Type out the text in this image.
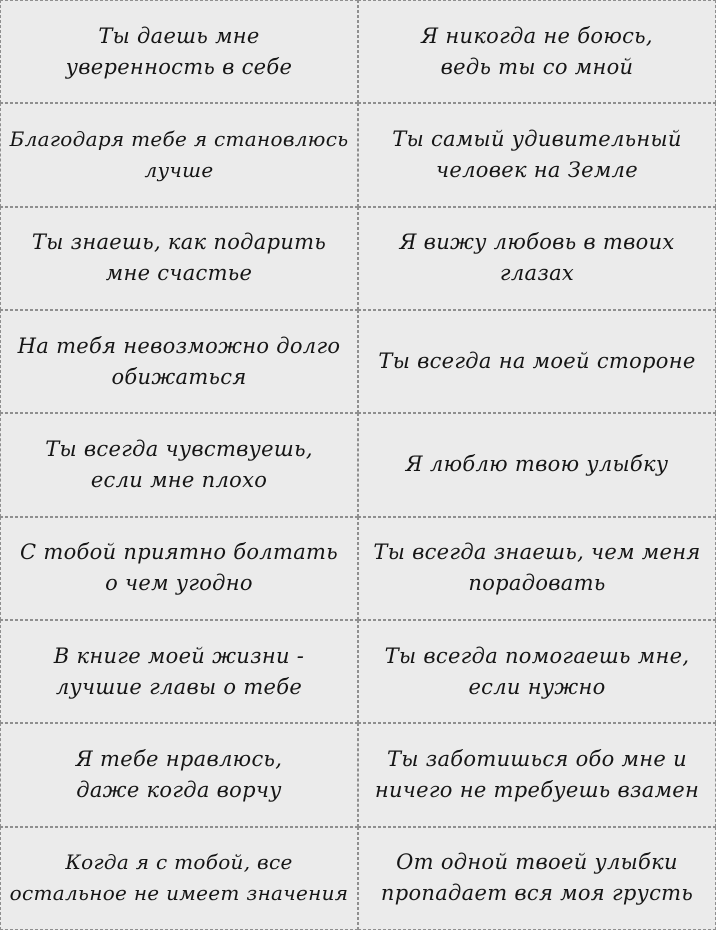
Ты даешь мне
уверенность в себе
Я никогда не боюсь,
ведь ты со мной
Благодаря тебе я становлюсь
лучше
Ты самый удивительный
человек на Земле
Ты знаешь, как подарить
мне счастье
Я вижу любовь в твоих
глазах
На тебя невозможно долго
обижаться
Ты всегда на моей стороне
Ты всегда чувствуешь,
если мне плохо
Я люблю твою улыбку
С тобой приятно болтать
о чем угодно
Ты всегда знаешь, чем меня
порадовать
В книге моей жизни -
лучшие главы о тебе
Ты всегда помогаешь мне,
если нужно
Я тебе нравлюсь,
даже когда ворчу
Ты заботишься обо мне и
ничего не требуешь взамен
Когда я с тобой, все
остальное не имеет значения
От одной твоей улыбки
пропадает вся моя грусть
